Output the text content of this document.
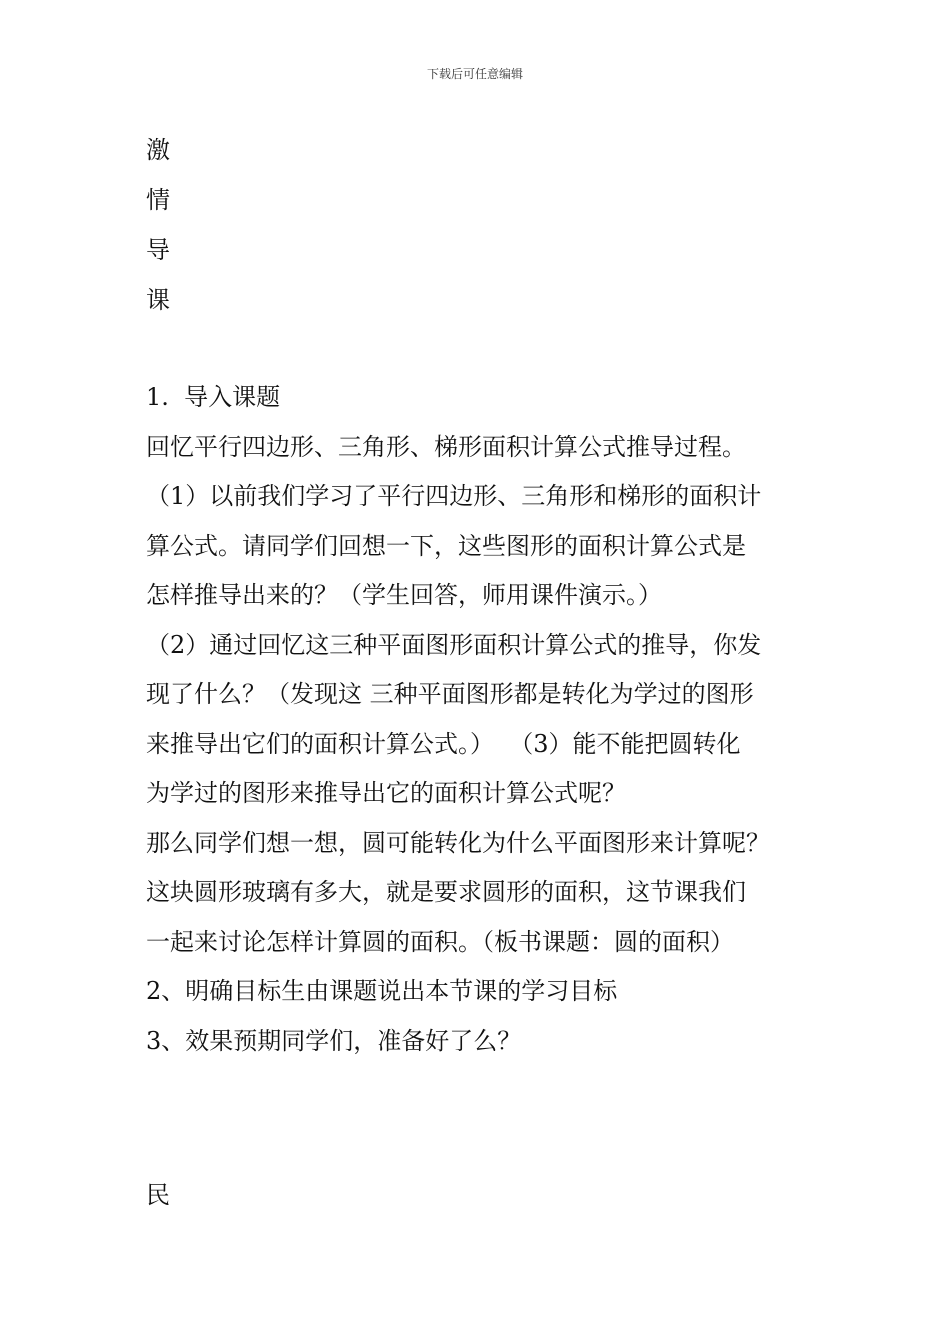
下载后可任意编辑
激
情
导
课
1.  导入课题
回忆平行四边形、三角形、梯形面积计算公式推导过程。
（1）以前我们学习了平行四边形、三角形和梯形的面积计
算公式。请同学们回想一下，这些图形的面积计算公式是
怎样推导出来的？（学生回答，师用课件演示。）
（2）通过回忆这三种平面图形面积计算公式的推导，你发
现了什么？（发现这 三种平面图形都是转化为学过的图形
来推导出它们的面积计算公式。）  （3）能不能把圆转化
为学过的图形来推导出它的面积计算公式呢？
那么同学们想一想，圆可能转化为什么平面图形来计算呢？
这块圆形玻璃有多大，就是要求圆形的面积，这节课我们
一起来讨论怎样计算圆的面积。（板书课题：圆的面积）
2、明确目标生由课题说出本节课的学习目标
3、效果预期同学们，准备好了么？
民
